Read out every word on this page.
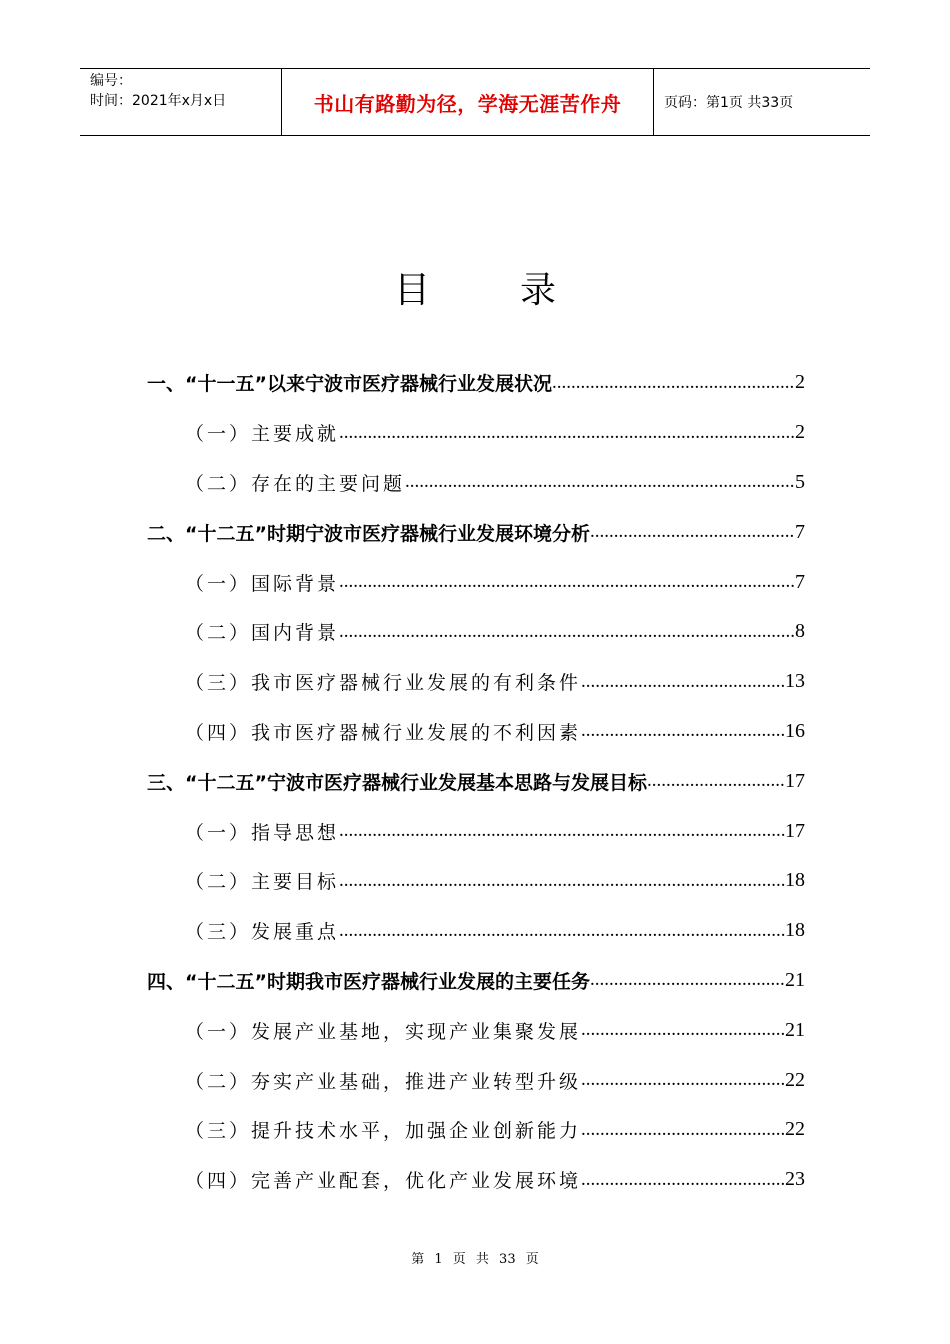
编号：
时间：2021年x月x日	书山有路勤为径，学海无涯苦作舟	页码：第1页 共33页
目	录
一、“十一五”以来宁波市医疗器械行业发展状况 .....	2
（一）主要成就 .....	2
（二）存在的主要问题 .....	5
二、“十二五”时期宁波市医疗器械行业发展环境分析 .....	7
（一）国际背景 .....	7
（二）国内背景 .....	8
（三）我市医疗器械行业发展的有利条件 .....	13
（四）我市医疗器械行业发展的不利因素 .....	16
三、“十二五”宁波市医疗器械行业发展基本思路与发展目标 .....	17
（一）指导思想 .....	17
（二）主要目标 .....	18
（三）发展重点 .....	18
四、“十二五”时期我市医疗器械行业发展的主要任务 .....	21
（一）发展产业基地，实现产业集聚发展 .....	21
（二）夯实产业基础，推进产业转型升级 .....	22
（三）提升技术水平，加强企业创新能力 .....	22
（四）完善产业配套，优化产业发展环境 .....	23
第 1 页 共 33 页
